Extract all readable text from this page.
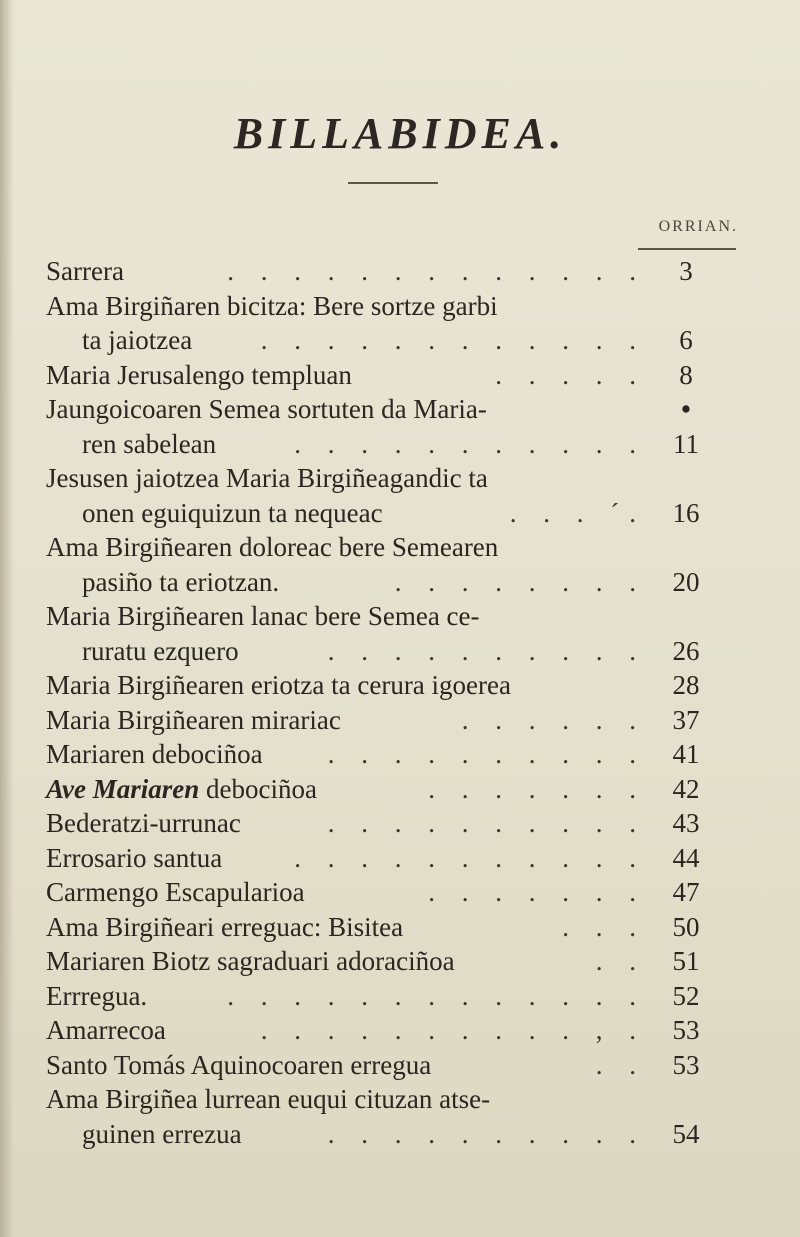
BILLABIDEA.
ORRIAN.
Sarrera	. . . . . . . . . . . . .	3
Ama Birgiñaren bicitza: Bere sortze garbi
ta jaiotzea	. . . . . . . . . . . .	6
Maria Jerusalengo templuan	. . . . .	8
Jaungoicoaren Semea sortuten da Maria-	•
ren sabelean	. . . . . . . . . . . 11
Jesusen jaiotzea Maria Birgiñeagandic ta
onen eguiquizun ta nequeac	. . . ´. 16
Ama Birgiñearen doloreac bere Semearen
pasiño ta eriotzan.	. . . . . . . . 20
Maria Birgiñearen lanac bere Semea ce-
ruratu ezquero	. . . . . . . . . . 26
Maria Birgiñearen eriotza ta cerura igoerea	28
Maria Birgiñearen mirariac	. . . . . . 37
Mariaren debociñoa . . . . . . . . . . 41
Ave Mariaren debociñoa	. . . . . . . 42
Bederatzi-urrunac	. . . . . . . . . . 43
Errosario santua	. . . . . . . . . . . 44
Carmengo Escapularioa	. . . . . . . 47
Ama Birgiñeari erreguac: Bisitea	. . . 50
Mariaren Biotz sagraduari adoraciñoa	. . 51
Errregua.	. . . . . . . . . . . . . 52
Amarrecoa	. . . . . . . . . . , . 53
Santo Tomás Aquinocoaren erregua	. . 53
Ama Birgiñea lurrean euqui cituzan atse-
guinen errezua	. . . . . . . . . . 54
